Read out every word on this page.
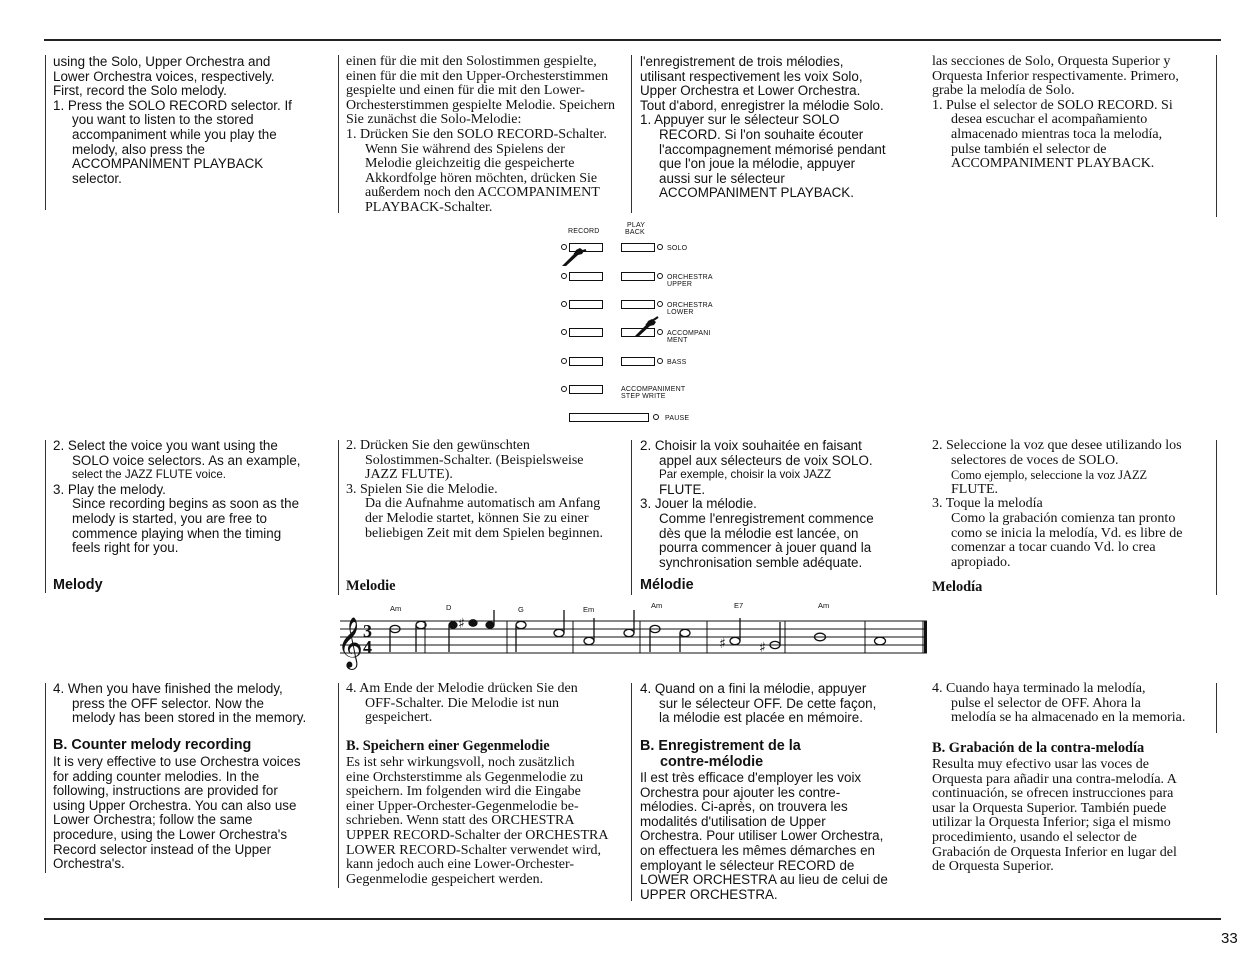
using the Solo, Upper Orchestra and

Lower Orchestra voices, respectively.

First, record the Solo melody.

1. Press the SOLO RECORD selector. If

you want to listen to the stored

accompaniment while you play the

melody, also press the

ACCOMPANIMENT PLAYBACK

selector.

einen für die mit den Solostimmen gespielte,

einen für die mit den Upper-Orchesterstimmen

gespielte und einen für die mit den Lower-

Orchesterstimmen gespielte Melodie. Speichern

Sie zunächst die Solo-Melodie:

1. Drücken Sie den SOLO RECORD-Schalter.

Wenn Sie während des Spielens der

Melodie gleichzeitig die gespeicherte

Akkordfolge hören möchten, drücken Sie

außerdem noch den ACCOMPANIMENT

PLAYBACK-Schalter.

l'enregistrement de trois mélodies,

utilisant respectivement les voix Solo,

Upper Orchestra et Lower Orchestra.

Tout d'abord, enregistrer la mélodie Solo.

1. Appuyer sur le sélecteur SOLO

RECORD. Si l'on souhaite écouter

l'accompagnement mémorisé pendant

que l'on joue la mélodie, appuyer

aussi sur le sélecteur

ACCOMPANIMENT PLAYBACK.

las secciones de Solo, Orquesta Superior y

Orquesta Inferior respectivamente. Primero,

grabe la melodía de Solo.

1. Pulse el selector de SOLO RECORD. Si

desea escuchar el acompañamiento

almacenado mientras toca la melodía,

pulse también el selector de

ACCOMPANIMENT PLAYBACK.

RECORD
PLAY
BACK
SOLO
ORCHESTRA
UPPER
ORCHESTRA
LOWER
ACCOMPANI
MENT
BASS
ACCOMPANIMENT
STEP WRITE
PAUSE

2. Select the voice you want using the

SOLO voice selectors. As an example,

select the JAZZ FLUTE voice.

3. Play the melody.

Since recording begins as soon as the

melody is started, you are free to

commence playing when the timing

feels right for you.

Melody

2. Drücken Sie den gewünschten

Solostimmen-Schalter. (Beispielsweise

JAZZ FLUTE).

3. Spielen Sie die Melodie.

Da die Aufnahme automatisch am Anfang

der Melodie startet, können Sie zu einer

beliebigen Zeit mit dem Spielen beginnen.

Melodie

2. Choisir la voix souhaitée en faisant

appel aux sélecteurs de voix SOLO.

Par exemple, choisir la voix JAZZ

FLUTE.

3. Jouer la mélodie.

Comme l'enregistrement commence

dès que la mélodie est lancée, on

pourra commencer à jouer quand la

synchronisation semble adéquate.

Mélodie

2. Seleccione la voz que desee utilizando los

selectores de voces de SOLO.

Como ejemplo, seleccione la voz JAZZ

FLUTE.

3. Toque la melodía

Como la grabación comienza tan pronto

como se inicia la melodía, Vd. es libre de

comenzar a tocar cuando Vd. lo crea

apropiado.

Melodía
Am	D	G	Em	Am	E7	Am
𝄞 3
4
♯
♯ ♯

4. When you have finished the melody,

press the OFF selector. Now the

melody has been stored in the memory.

B. Counter melody recording

It is very effective to use Orchestra voices

for adding counter melodies. In the

following, instructions are provided for

using Upper Orchestra. You can also use

Lower Orchestra; follow the same

procedure, using the Lower Orchestra's

Record selector instead of the Upper

Orchestra's.

4. Am Ende der Melodie drücken Sie den

OFF-Schalter. Die Melodie ist nun

gespeichert.

B. Speichern einer Gegenmelodie

Es ist sehr wirkungsvoll, noch zusätzlich

eine Orchsterstimme als Gegenmelodie zu

speichern. Im folgenden wird die Eingabe

einer Upper-Orchester-Gegenmelodie be-

schrieben. Wenn statt des ORCHESTRA

UPPER RECORD-Schalter der ORCHESTRA

LOWER RECORD-Schalter verwendet wird,

kann jedoch auch eine Lower-Orchester-

Gegenmelodie gespeichert werden.

4. Quand on a fini la mélodie, appuyer

sur le sélecteur OFF. De cette façon,

la mélodie est placée en mémoire.

B. Enregistrement de la
contre-mélodie

Il est très efficace d'employer les voix

Orchestra pour ajouter les contre-

mélodies. Ci-après, on trouvera les

modalités d'utilisation de Upper

Orchestra. Pour utiliser Lower Orchestra,

on effectuera les mêmes démarches en

employant le sélecteur RECORD de

LOWER ORCHESTRA au lieu de celui de

UPPER ORCHESTRA.

4. Cuando haya terminado la melodía,

pulse el selector de OFF. Ahora la

melodía se ha almacenado en la memoria.

B. Grabación de la contra-melodía

Resulta muy efectivo usar las voces de

Orquesta para añadir una contra-melodía. A

continuación, se ofrecen instrucciones para

usar la Orquesta Superior. También puede

utilizar la Orquesta Inferior; siga el mismo

procedimiento, usando el selector de

Grabación de Orquesta Inferior en lugar del

de Orquesta Superior.

33
